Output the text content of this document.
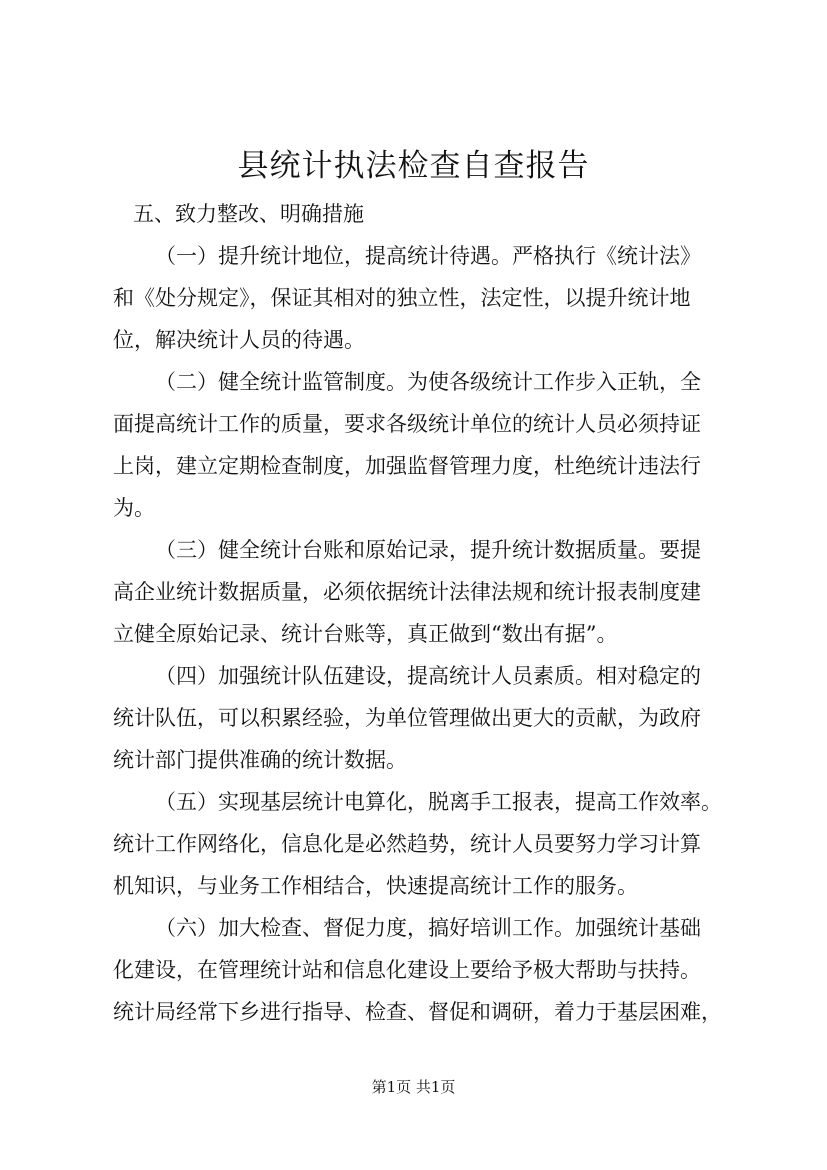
县统计执法检查自查报告

五、致力整改、明确措施

（一）提升统计地位，提高统计待遇。严格执行《统计法》
和《处分规定》，保证其相对的独立性，法定性，以提升统计地
位，解决统计人员的待遇。

（二）健全统计监管制度。为使各级统计工作步入正轨，全
面提高统计工作的质量，要求各级统计单位的统计人员必须持证
上岗，建立定期检查制度，加强监督管理力度，杜绝统计违法行
为。

（三）健全统计台账和原始记录，提升统计数据质量。要提
高企业统计数据质量，必须依据统计法律法规和统计报表制度建
立健全原始记录、统计台账等，真正做到“数出有据”。

（四）加强统计队伍建设，提高统计人员素质。相对稳定的
统计队伍，可以积累经验，为单位管理做出更大的贡献，为政府
统计部门提供准确的统计数据。

（五）实现基层统计电算化，脱离手工报表，提高工作效率。
统计工作网络化，信息化是必然趋势，统计人员要努力学习计算
机知识，与业务工作相结合，快速提高统计工作的服务。

（六）加大检查、督促力度，搞好培训工作。加强统计基础
化建设，在管理统计站和信息化建设上要给予极大帮助与扶持。
统计局经常下乡进行指导、检查、督促和调研，着力于基层困难，

第1页 共1页
